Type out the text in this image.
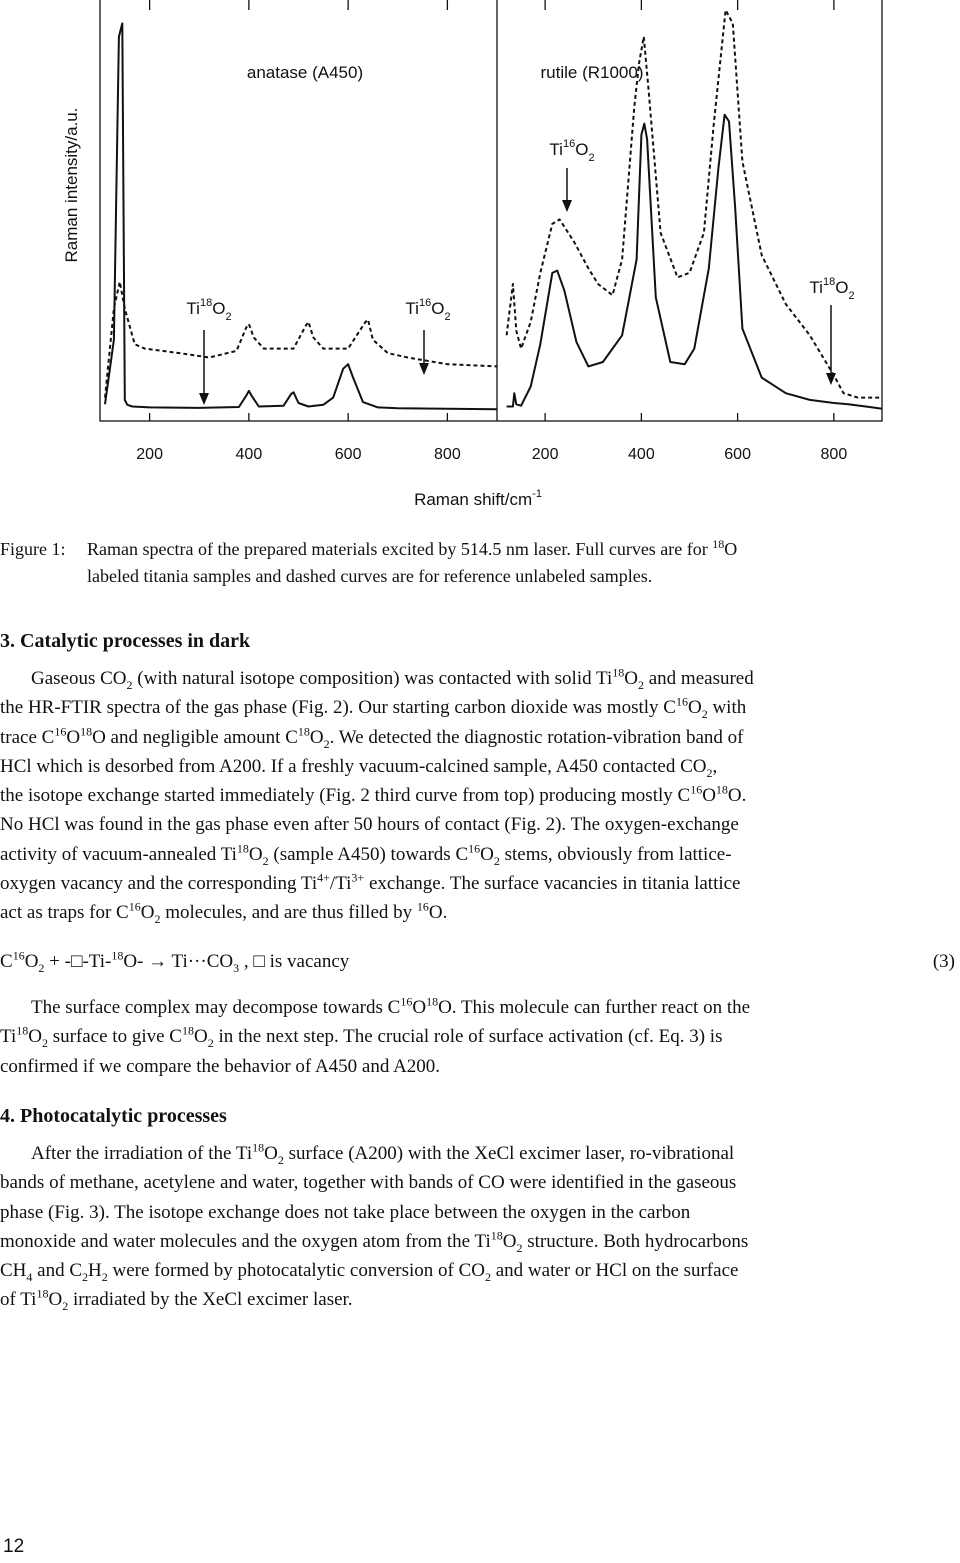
200	400	600	800
anatase (A450)
$Ti^{18}O_2$	$Ti^{16}O_2$
200	400	600	800
rutile (R1000)
$Ti^{16}O_2$
$Ti^{18}O_2$
Raman intensity/a.u.
Raman shift/$cm^{-1}$
Figure 1: Raman spectra of the prepared materials excited by 514.5 nm laser. Full curves are for $^{18}$O
labeled titania samples and dashed curves are for reference unlabeled samples.
3. Catalytic processes in dark
Gaseous $CO_2$ (with natural isotope composition) was contacted with solid $Ti^{18}O_2$ and measured
the HR-FTIR spectra of the gas phase (Fig. 2). Our starting carbon dioxide was mostly $C^{16}O_2$ with
trace $C^{16}O^{18}O$ and negligible amount $C^{18}O_2$. We detected the diagnostic rotation-vibration band of
HCl which is desorbed from A200. If a freshly vacuum-calcined sample, A450 contacted $CO_2$,
the isotope exchange started immediately (Fig. 2 third curve from top) producing mostly $C^{16}O^{18}O$.
No HCl was found in the gas phase even after 50 hours of contact (Fig. 2). The oxygen-exchange
activity of vacuum-annealed $Ti^{18}O_2$ (sample A450) towards $C^{16}O_2$ stems, obviously from lattice-
oxygen vacancy and the corresponding $Ti^{4+}/Ti^{3+}$ exchange. The surface vacancies in titania lattice
act as traps for $C^{16}O_2$ molecules, and are thus filled by $^{16}$O.
$C^{16}O_2$ + -□-Ti-$^{18}$O- → $Ti\cdot\cdot\cdot CO_3$ , □ is vacancy	(3)
The surface complex may decompose towards $C^{16}O^{18}O$. This molecule can further react on the
$Ti^{18}O_2$ surface to give $C^{18}O_2$ in the next step. The crucial role of surface activation (cf. Eq. 3) is
confirmed if we compare the behavior of A450 and A200.
4. Photocatalytic processes
After the irradiation of the $Ti^{18}O_2$ surface (A200) with the XeCl excimer laser, ro-vibrational
bands of methane, acetylene and water, together with bands of CO were identified in the gaseous
phase (Fig. 3). The isotope exchange does not take place between the oxygen in the carbon
monoxide and water molecules and the oxygen atom from the $Ti^{18}O_2$ structure. Both hydrocarbons
$CH_4$ and $C_2H_2$ were formed by photocatalytic conversion of $CO_2$ and water or HCl on the surface
of $Ti^{18}O_2$ irradiated by the XeCl excimer laser.
12
